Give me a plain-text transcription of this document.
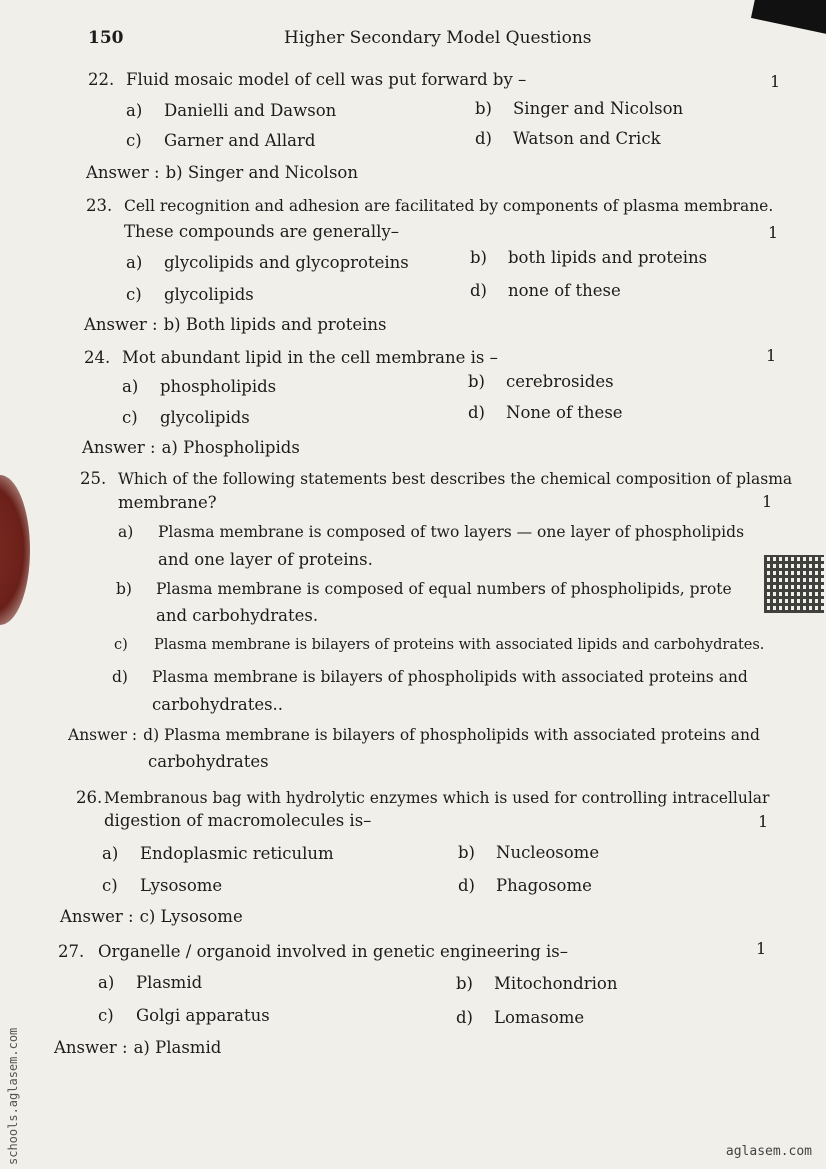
150	Higher Secondary Model Questions
22. Fluid mosaic model of cell was put forward by –	1
a) Danielli and Dawson	b) Singer and Nicolson
c) Garner and Allard	d) Watson and Crick
Answer : b) Singer and Nicolson
23. Cell recognition and adhesion are facilitated by components of plasma membrane.
These compounds are generally–	1
a) glycolipids and glycoproteins	b) both lipids and proteins
c) glycolipids	d) none of these
Answer : b) Both lipids and proteins
24. Mot abundant lipid in the cell membrane is –	1
a) phospholipids	b) cerebrosides
c) glycolipids	d) None of these
Answer : a) Phospholipids
25. Which of the following statements best describes the chemical composition of plasma
membrane?	1
a) Plasma membrane is composed of two layers — one layer of phospholipids
and one layer of proteins.
b) Plasma membrane is composed of equal numbers of phospholipids, prote
and carbohydrates.
c) Plasma membrane is bilayers of proteins with associated lipids and carbohydrates.
d) Plasma membrane is bilayers of phospholipids with associated proteins and
carbohydrates..
Answer : d) Plasma membrane is bilayers of phospholipids with associated proteins and
carbohydrates
26. Membranous bag with hydrolytic enzymes which is used for controlling intracellular
digestion of macromolecules is–	1
a) Endoplasmic reticulum	b) Nucleosome
c) Lysosome	d) Phagosome
Answer : c) Lysosome
27. Organelle / organoid involved in genetic engineering is–	1
a) Plasmid	b) Mitochondrion
c) Golgi apparatus	d) Lomasome
Answer : a) Plasmid
schools.aglasem.com	aglasem.com
